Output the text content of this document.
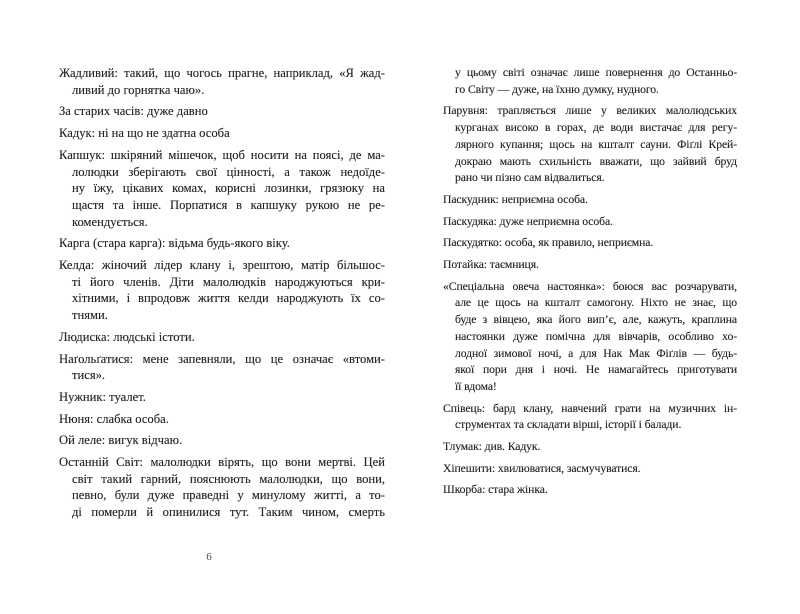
Жадливий: такий, що чогось прагне, наприклад, «Я жад-
ливий до горнятка чаю».
За старих часів: дуже давно
Кадук: ні на що не здатна особа
Капшук: шкіряний мішечок, щоб носити на поясі, де ма-
лолюдки зберігають свої цінності, а також недоїде-
ну їжу, цікавих комах, корисні лозинки, грязюку на
щастя та інше. Порпатися в капшуку рукою не ре-
комендується.
Карга (стара карга): відьма будь-якого віку.
Келда: жіночий лідер клану і, зрештою, матір більшос-
ті його членів. Діти малолюдків народжуються кри-
хітними, і впродовж життя келди народжують їх со-
тнями.
Людиска: людські істоти.
Наґольґатися: мене запевняли, що це означає «втоми-
тися».
Нужник: туалет.
Нюня: слабка особа.
Ой леле: вигук відчаю.
Останній Світ: малолюдки вірять, що вони мертві. Цей
світ такий гарний, пояснюють малолюдки, що вони,
певно, були дуже праведні у минулому житті, а то-
ді померли й опинилися тут. Таким чином, смерть
у цьому світі означає лише повернення до Останньо-
го Світу — дуже, на їхню думку, нудного.
Парувня: трапляється лише у великих малолюдських
курганах високо в горах, де води вистачає для регу-
лярного купання; щось на кшталт сауни. Фіґлі Крей-
докраю мають схильність вважати, що зайвий бруд
рано чи пізно сам відвалиться.
Паскудник: неприємна особа.
Паскудяка: дуже неприємна особа.
Паскудятко: особа, як правило, неприємна.
Потайка: таємниця.
«Спеціальна овеча настоянка»: боюся вас розчарувати,
але це щось на кшталт самогону. Ніхто не знає, що
буде з вівцею, яка його вип’є, але, кажуть, краплина
настоянки дуже помічна для вівчарів, особливо хо-
лодної зимової ночі, а для Нак Мак Фіґлів — будь-
якої пори дня і ночі. Не намагайтесь приготувати
її вдома!
Співець: бард клану, навчений грати на музичних ін-
струментах та складати вірші, історії і балади.
Тлумак: див. Кадук.
Хіпешити: хвилюватися, засмучуватися.
Шкорба: стара жінка.
6
